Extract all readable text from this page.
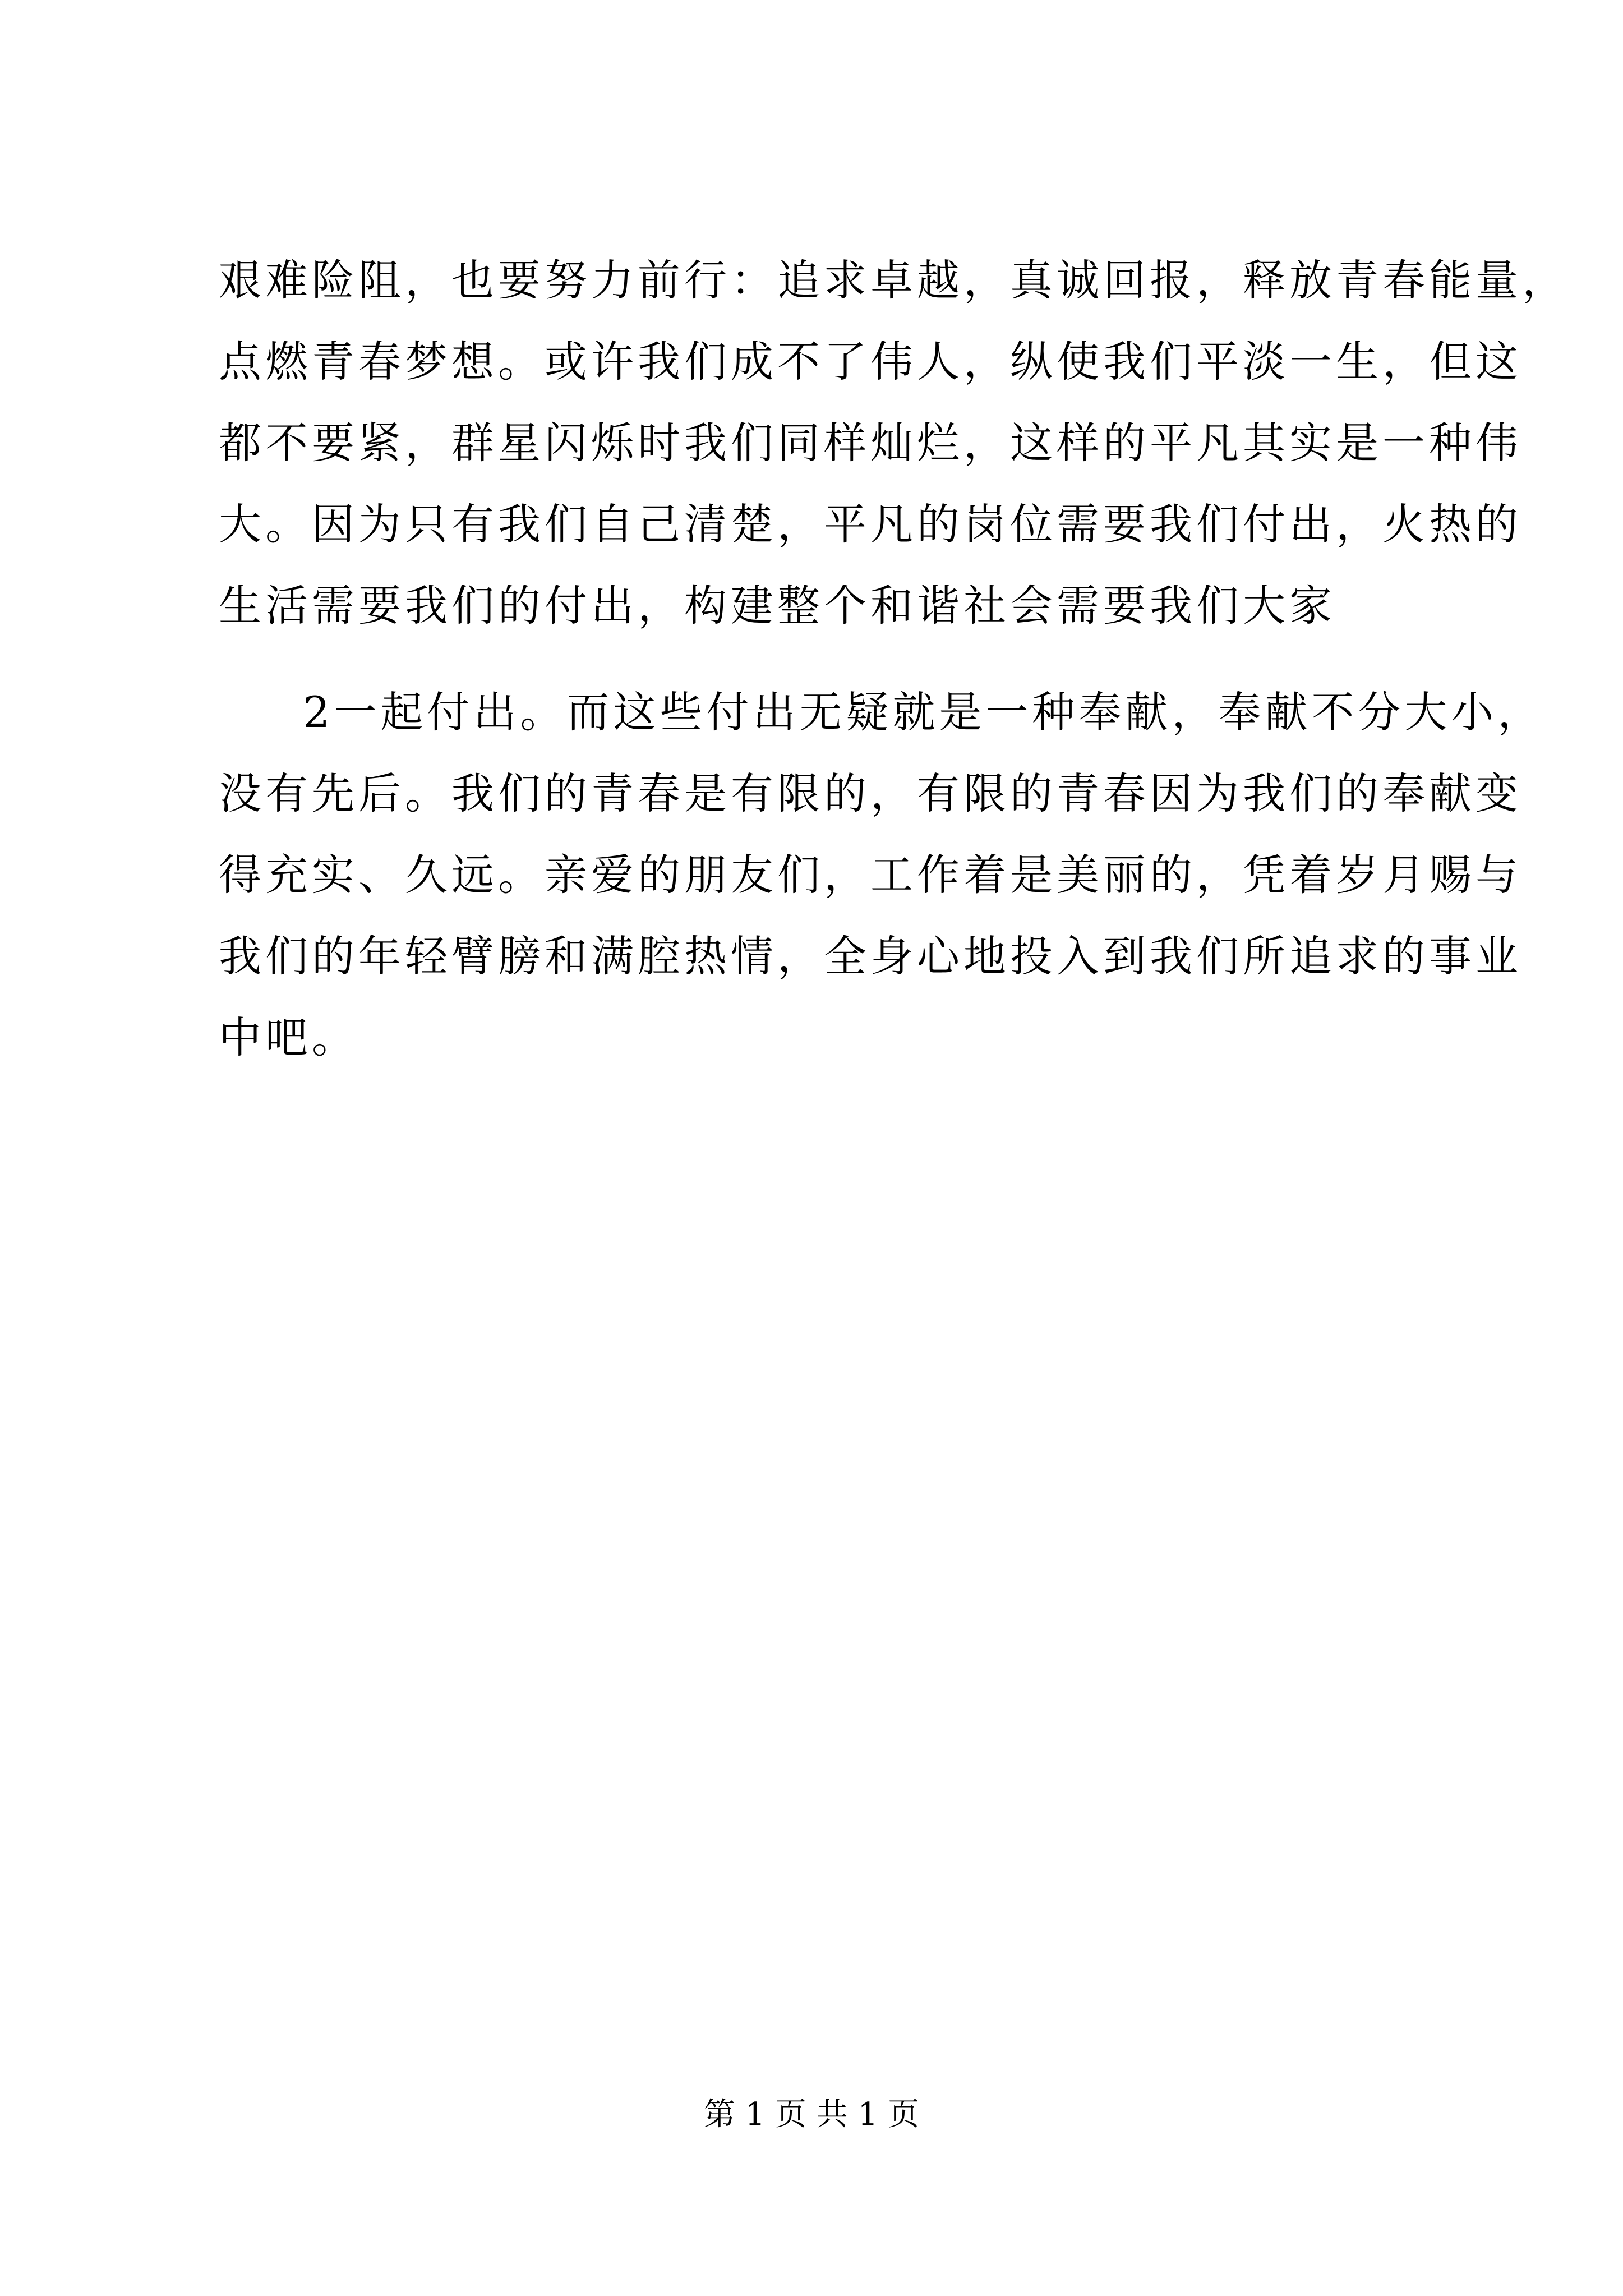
艰难险阻，也要努力前行：追求卓越，真诚回报，释放青春能量，
点燃青春梦想。或许我们成不了伟人，纵使我们平淡一生，但这
都不要紧，群星闪烁时我们同样灿烂，这样的平凡其实是一种伟
大。因为只有我们自己清楚，平凡的岗位需要我们付出，火热的
生活需要我们的付出，构建整个和谐社会需要我们大家
2一起付出。而这些付出无疑就是一种奉献，奉献不分大小，
没有先后。我们的青春是有限的，有限的青春因为我们的奉献变
得充实、久远。亲爱的朋友们，工作着是美丽的，凭着岁月赐与
我们的年轻臂膀和满腔热情，全身心地投入到我们所追求的事业
中吧。
第 1 页 共 1 页
